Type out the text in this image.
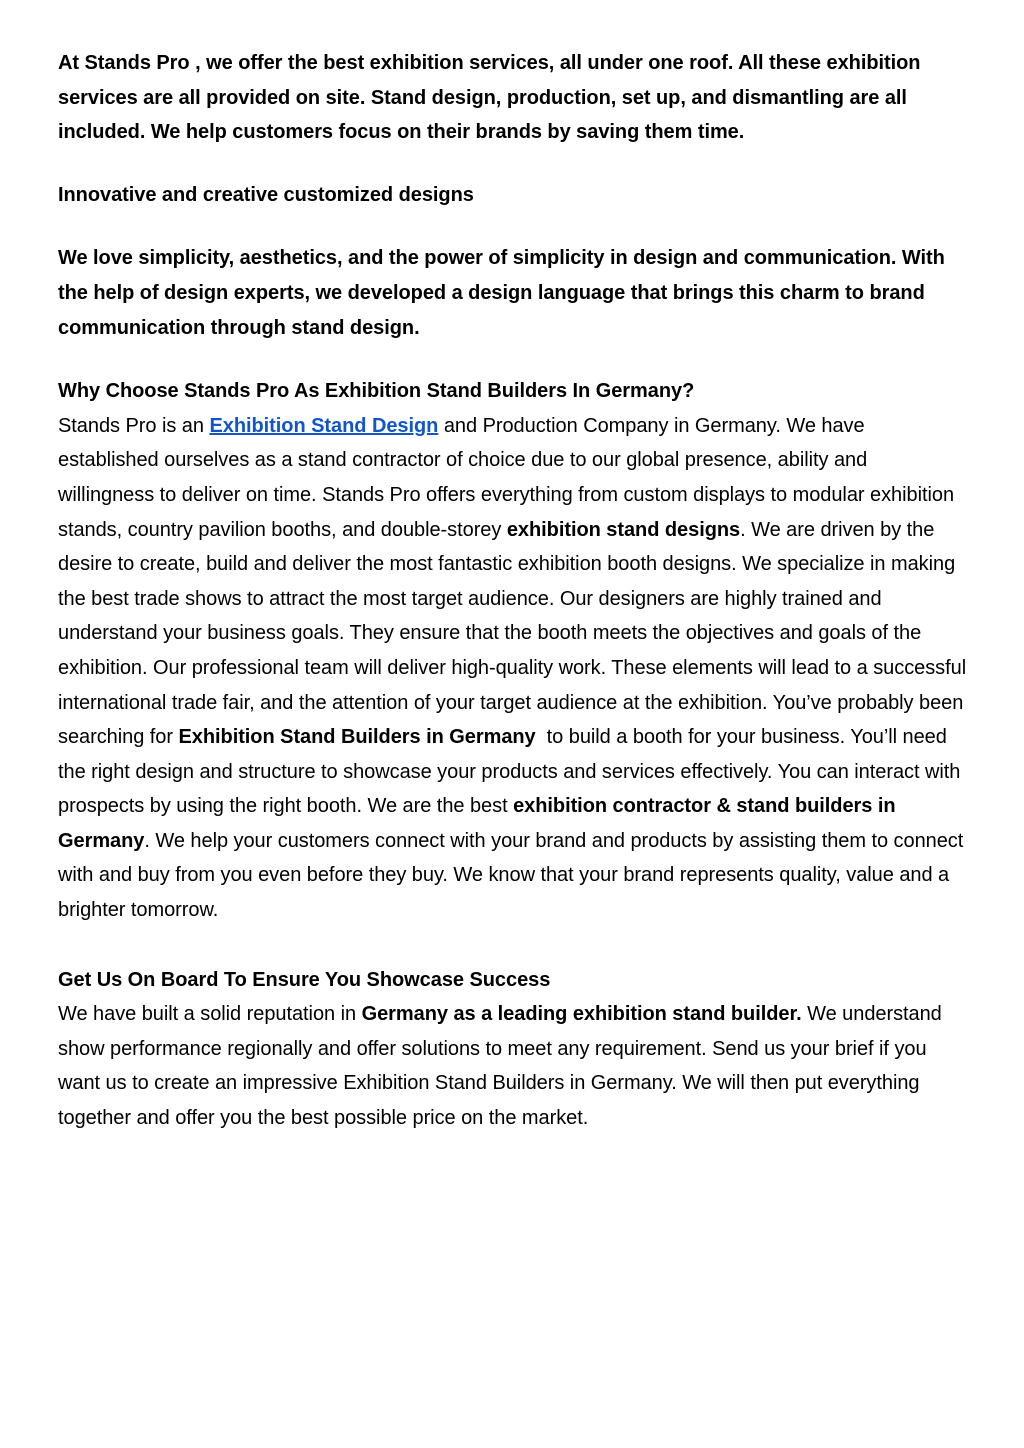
At Stands Pro , we offer the best exhibition services, all under one roof. All these exhibition services are all provided on site. Stand design, production, set up, and dismantling are all included. We help customers focus on their brands by saving them time.

Innovative and creative customized designs

We love simplicity, aesthetics, and the power of simplicity in design and communication. With the help of design experts, we developed a design language that brings this charm to brand communication through stand design.

Why Choose Stands Pro As Exhibition Stand Builders In Germany?

Stands Pro is an Exhibition Stand Design and Production Company in Germany. We have established ourselves as a stand contractor of choice due to our global presence, ability and willingness to deliver on time. Stands Pro offers everything from custom displays to modular exhibition stands, country pavilion booths, and double-storey exhibition stand designs. We are driven by the desire to create, build and deliver the most fantastic exhibition booth designs. We specialize in making the best trade shows to attract the most target audience. Our designers are highly trained and understand your business goals. They ensure that the booth meets the objectives and goals of the exhibition. Our professional team will deliver high-quality work. These elements will lead to a successful international trade fair, and the attention of your target audience at the exhibition. You’ve probably been searching for Exhibition Stand Builders in Germany  to build a booth for your business. You’ll need the right design and structure to showcase your products and services effectively. You can interact with prospects by using the right booth. We are the best exhibition contractor & stand builders in Germany. We help your customers connect with your brand and products by assisting them to connect with and buy from you even before they buy. We know that your brand represents quality, value and a brighter tomorrow.

Get Us On Board To Ensure You Showcase Success

We have built a solid reputation in Germany as a leading exhibition stand builder. We understand show performance regionally and offer solutions to meet any requirement. Send us your brief if you want us to create an impressive Exhibition Stand Builders in Germany. We will then put everything together and offer you the best possible price on the market.
